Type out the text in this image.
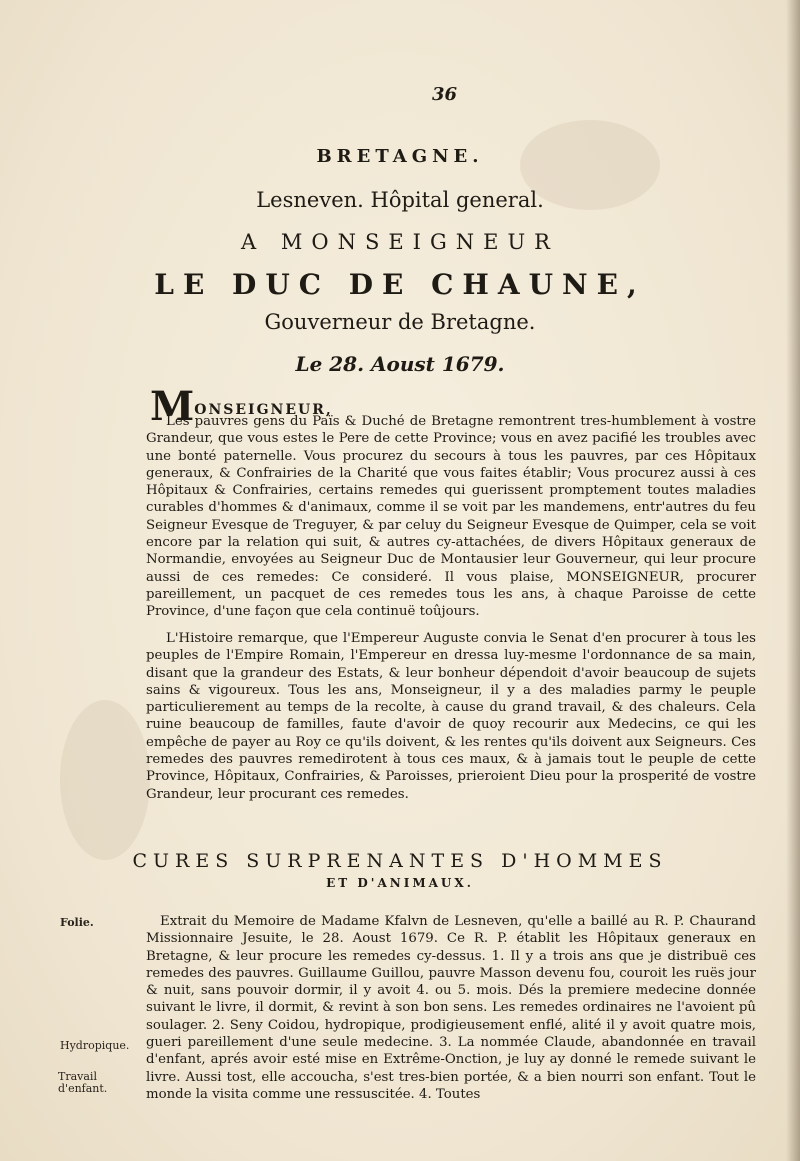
36
BRETAGNE.
Lesneven. Hôpital general.
A MONSEIGNEUR
LE DUC DE CHAUNE,
Gouverneur de Bretagne.
Le 28. Aoust 1679.
MONSEIGNEUR,
Les pauvres gens du Païs & Duché de Bretagne remontrent tres-humblement à vostre Grandeur, que vous estes le Pere de cette Province; vous en avez pacifié les troubles avec une bonté paternelle. Vous procurez du secours à tous les pauvres, par ces Hôpitaux generaux, & Confrairies de la Charité que vous faites établir; Vous procurez aussi à ces Hôpitaux & Confrairies, certains remedes qui guerissent promptement toutes maladies curables d'hommes & d'animaux, comme il se voit par les mandemens, entr'autres du feu Seigneur Evesque de Treguyer, & par celuy du Seigneur Evesque de Quimper, cela se voit encore par la relation qui suit, & autres cy-attachées, de divers Hôpitaux generaux de Normandie, envoyées au Seigneur Duc de Montausier leur Gouverneur, qui leur procure aussi de ces remedes: Ce consideré. Il vous plaise, MONSEIGNEUR, procurer pareillement, un pacquet de ces remedes tous les ans, à chaque Paroisse de cette Province, d'une façon que cela continuë toûjours.
L'Histoire remarque, que l'Empereur Auguste convia le Senat d'en procurer à tous les peuples de l'Empire Romain, l'Empereur en dressa luy-mesme l'ordonnance de sa main, disant que la grandeur des Estats, & leur bonheur dépendoit d'avoir beaucoup de sujets sains & vigoureux. Tous les ans, Monseigneur, il y a des maladies parmy le peuple particulierement au temps de la recolte, à cause du grand travail, & des chaleurs. Cela ruine beaucoup de familles, faute d'avoir de quoy recourir aux Medecins, ce qui les empêche de payer au Roy ce qu'ils doivent, & les rentes qu'ils doivent aux Seigneurs. Ces remedes des pauvres remedirotent à tous ces maux, & à jamais tout le peuple de cette Province, Hôpitaux, Confrairies, & Paroisses, prieroient Dieu pour la prosperité de vostre Grandeur, leur procurant ces remedes.
CURES SURPRENANTES D'HOMMES
ET D'ANIMAUX.
Extrait du Memoire de Madame Kfalvn de Lesneven, qu'elle a baillé au R. P. Chaurand Missionnaire Jesuite, le 28. Aoust 1679. Ce R. P. établit les Hôpitaux generaux en Bretagne, & leur procure les remedes cy-dessus. 1. Il y a trois ans que je distribuë ces remedes des pauvres. Guillaume Guillou, pauvre Masson devenu fou, couroit les ruës jour & nuit, sans pouvoir dormir, il y avoit 4. ou 5. mois. Dés la premiere medecine donnée suivant le livre, il dormit, & revint à son bon sens. Les remedes ordinaires ne l'avoient pû soulager. 2. Seny Coidou, hydropique, prodigieusement enflé, alité il y avoit quatre mois, gueri pareillement d'une seule medecine. 3. La nommée Claude, abandonnée en travail d'enfant, aprés avoir esté mise en Extrême-Onction, je luy ay donné le remede suivant le livre. Aussi tost, elle accoucha, s'est tres-bien portée, & a bien nourri son enfant. Tout le monde la visita comme une ressuscitée. 4. Toutes
Folie.
Hydropique.
Travail d'enfant.
